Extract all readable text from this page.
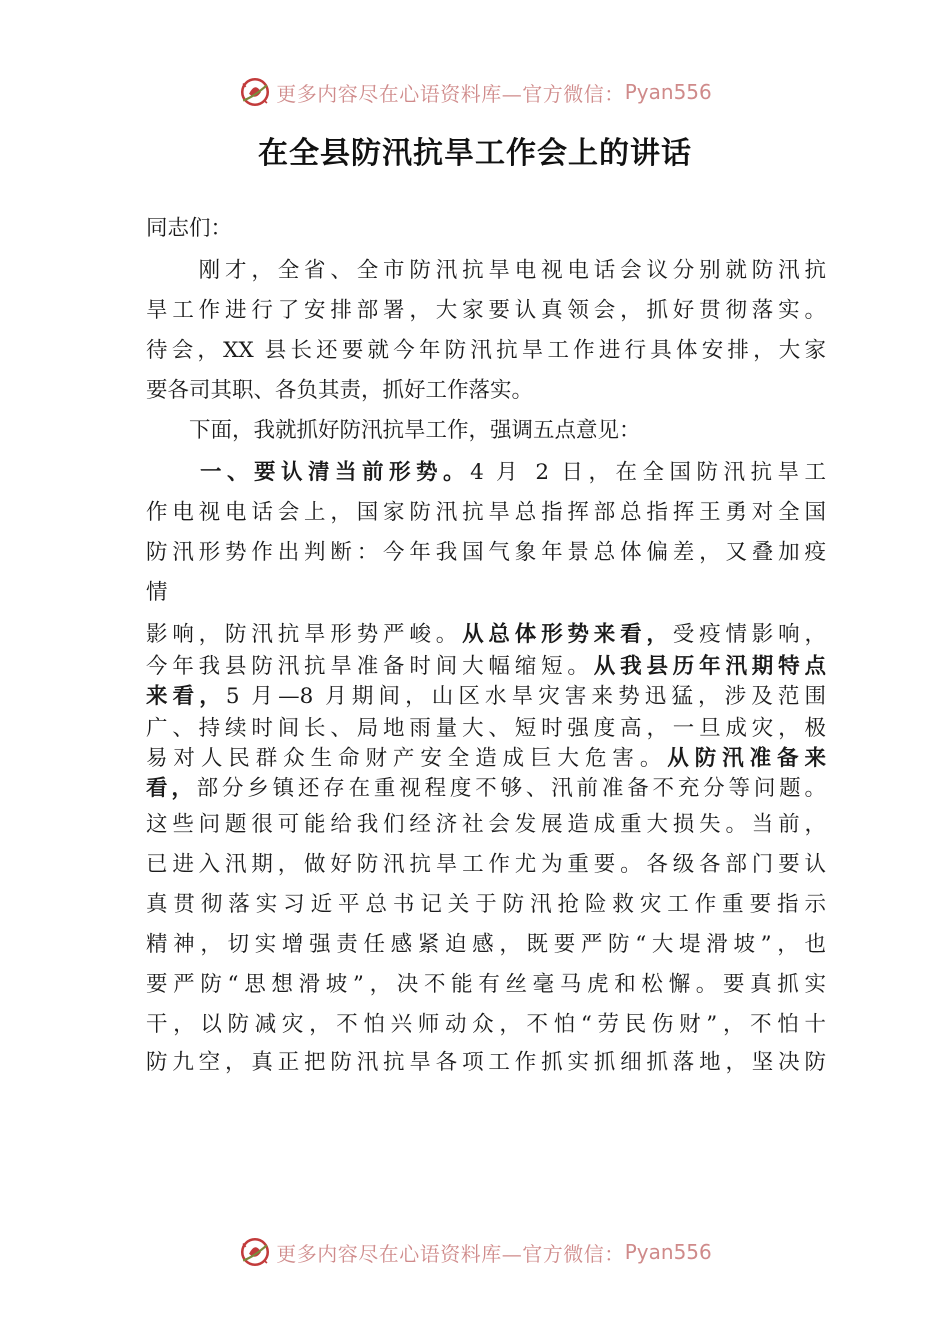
更多内容尽在心语资料库—官方微信： Pyan556
在全县防汛抗旱工作会上的讲话
同志们：
　　刚才，全省、全市防汛抗旱电视电话会议分别就防汛抗
旱工作进行了安排部署，大家要认真领会，抓好贯彻落实。
待会，XX 县长还要就今年防汛抗旱工作进行具体安排，大家
要各司其职、各负其责，抓好工作落实。
　　下面，我就抓好防汛抗旱工作，强调五点意见：
　　一、要认清当前形势。4 月 2 日，在全国防汛抗旱工
作电视电话会上，国家防汛抗旱总指挥部总指挥王勇对全国
防汛形势作出判断：今年我国气象年景总体偏差，又叠加疫
情
影响，防汛抗旱形势严峻。从总体形势来看，受疫情影响，
今年我县防汛抗旱准备时间大幅缩短。从我县历年汛期特点
来看，5 月—8 月期间，山区水旱灾害来势迅猛，涉及范围
广、持续时间长、局地雨量大、短时强度高，一旦成灾，极
易对人民群众生命财产安全造成巨大危害。从防汛准备来
看，部分乡镇还存在重视程度不够、汛前准备不充分等问题。
这些问题很可能给我们经济社会发展造成重大损失。当前，
已进入汛期，做好防汛抗旱工作尤为重要。各级各部门要认
真贯彻落实习近平总书记关于防汛抢险救灾工作重要指示
精神，切实增强责任感紧迫感，既要严防“大堤滑坡”，也
要严防“思想滑坡”，决不能有丝毫马虎和松懈。要真抓实
干，以防减灾，不怕兴师动众，不怕“劳民伤财”，不怕十
防九空，真正把防汛抗旱各项工作抓实抓细抓落地，坚决防
更多内容尽在心语资料库—官方微信： Pyan556
